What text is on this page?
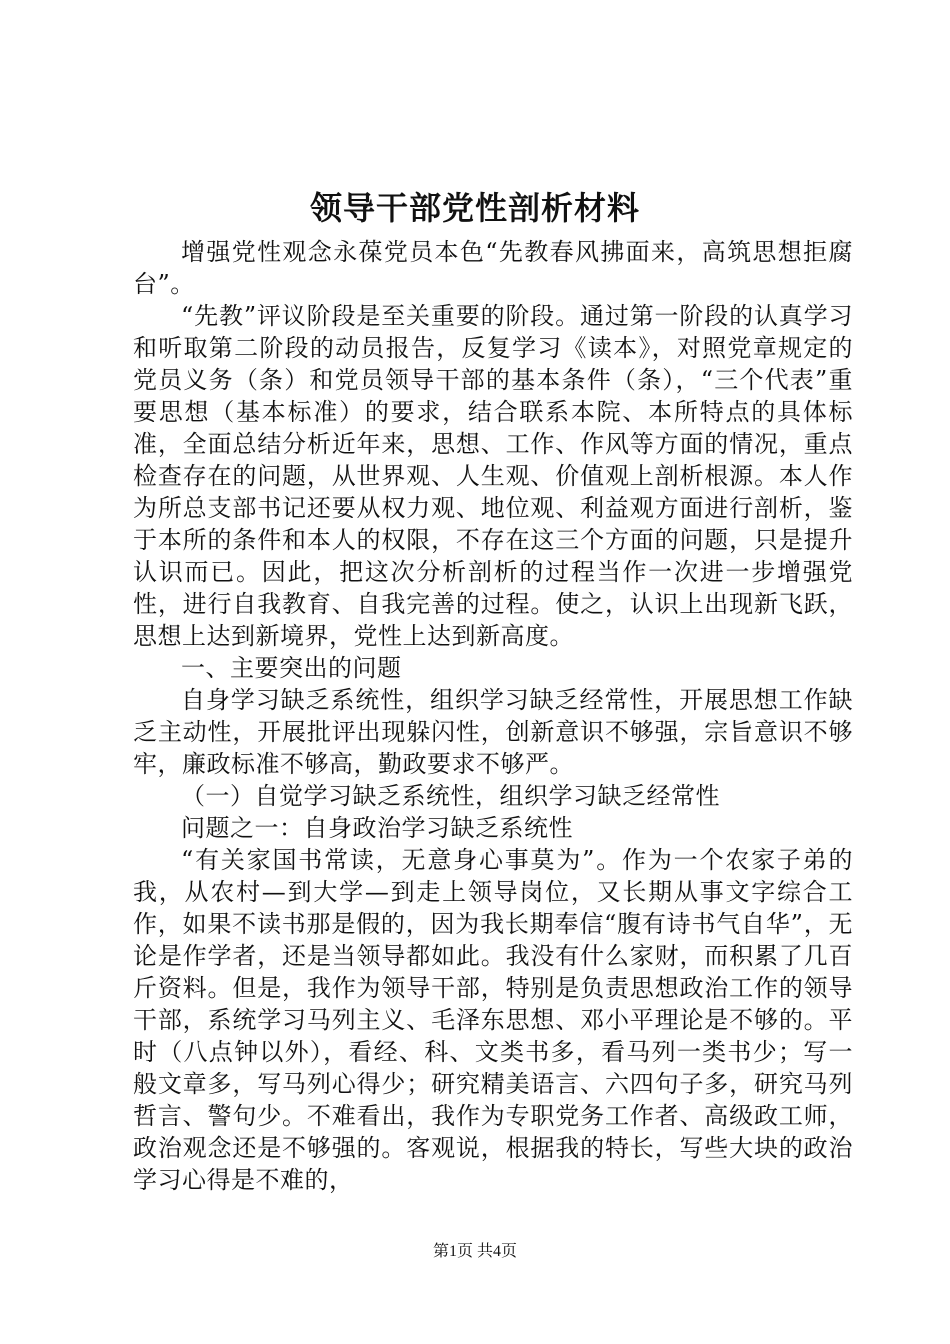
领导干部党性剖析材料

增强党性观念永葆党员本色“先教春风拂面来，高筑思想拒腐台”。

“先教”评议阶段是至关重要的阶段。通过第一阶段的认真学习和听取第二阶段的动员报告，反复学习《读本》，对照党章规定的党员义务（条）和党员领导干部的基本条件（条），“三个代表”重要思想（基本标准）的要求，结合联系本院、本所特点的具体标准，全面总结分析近年来，思想、工作、作风等方面的情况，重点检查存在的问题，从世界观、人生观、价值观上剖析根源。本人作为所总支部书记还要从权力观、地位观、利益观方面进行剖析，鉴于本所的条件和本人的权限，不存在这三个方面的问题，只是提升认识而已。因此，把这次分析剖析的过程当作一次进一步增强党性，进行自我教育、自我完善的过程。使之，认识上出现新飞跃，思想上达到新境界，党性上达到新高度。

一、主要突出的问题

自身学习缺乏系统性，组织学习缺乏经常性，开展思想工作缺乏主动性，开展批评出现躲闪性，创新意识不够强，宗旨意识不够牢，廉政标准不够高，勤政要求不够严。

（一）自觉学习缺乏系统性，组织学习缺乏经常性

问题之一：自身政治学习缺乏系统性

“有关家国书常读，无意身心事莫为”。作为一个农家子弟的我，从农村—到大学—到走上领导岗位，又长期从事文字综合工作，如果不读书那是假的，因为我长期奉信“腹有诗书气自华”，无论是作学者，还是当领导都如此。我没有什么家财，而积累了几百斤资料。但是，我作为领导干部，特别是负责思想政治工作的领导干部，系统学习马列主义、毛泽东思想、邓小平理论是不够的。平时（八点钟以外），看经、科、文类书多，看马列一类书少；写一般文章多，写马列心得少；研究精美语言、六四句子多，研究马列哲言、警句少。不难看出，我作为专职党务工作者、高级政工师，政治观念还是不够强的。客观说，根据我的特长，写些大块的政治学习心得是不难的，

第1页 共4页
